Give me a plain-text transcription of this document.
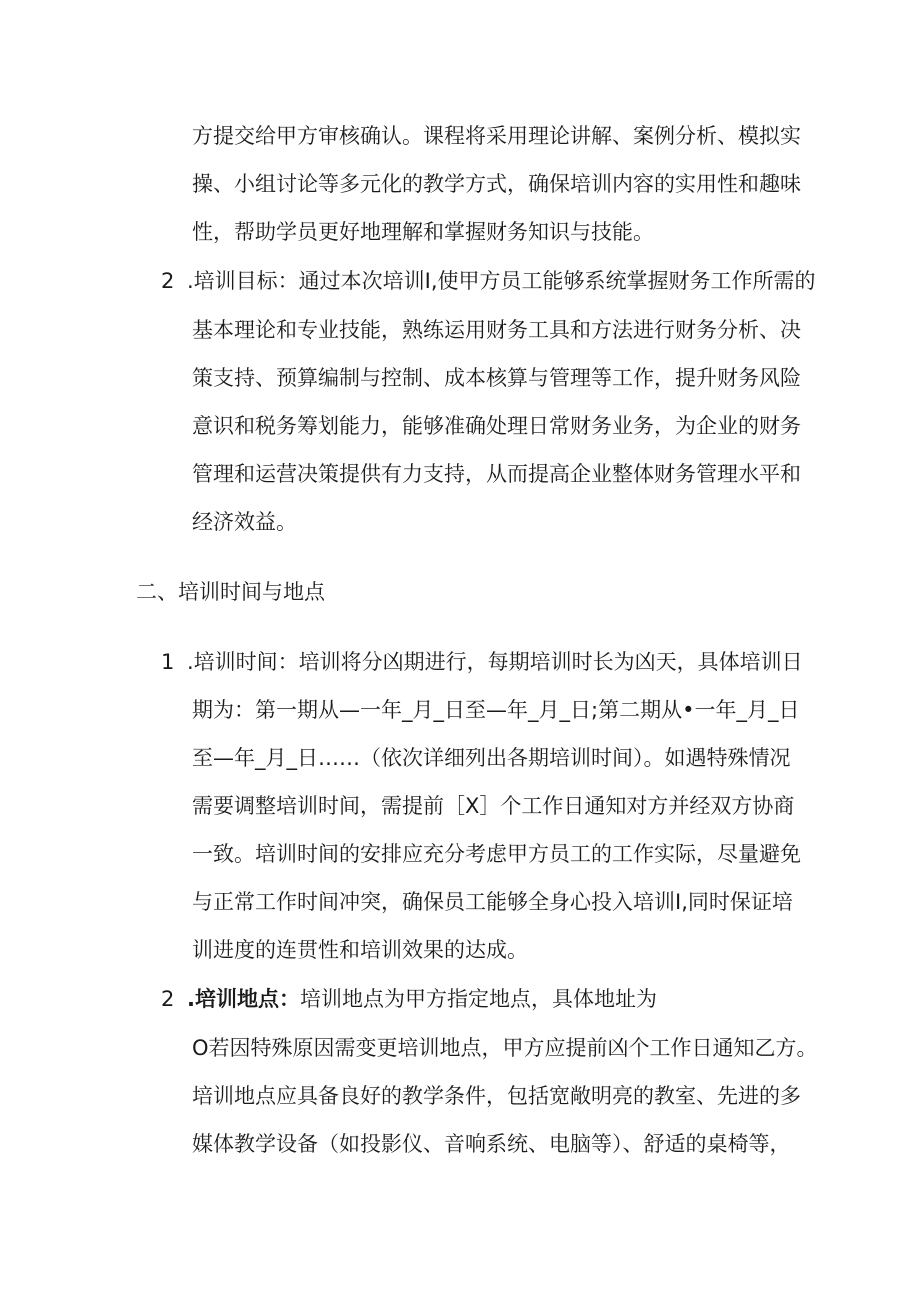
方提交给甲方审核确认。课程将采用理论讲解、案例分析、模拟实
操、小组讨论等多元化的教学方式，确保培训内容的实用性和趣味
性，帮助学员更好地理解和掌握财务知识与技能。
2 .培训目标：通过本次培训I,使甲方员工能够系统掌握财务工作所需的
基本理论和专业技能，熟练运用财务工具和方法进行财务分析、决
策支持、预算编制与控制、成本核算与管理等工作，提升财务风险
意识和税务筹划能力，能够准确处理日常财务业务，为企业的财务
管理和运营决策提供有力支持，从而提高企业整体财务管理水平和
经济效益。
二、培训时间与地点
1 .培训时间：培训将分凶期进行，每期培训时长为凶天，具体培训日
期为：第一期从—一年_月_日至—年_月_日;第二期从•一年_月_日
至—年_月_日……（依次详细列出各期培训时间）。如遇特殊情况
需要调整培训时间，需提前［X］个工作日通知对方并经双方协商
一致。培训时间的安排应充分考虑甲方员工的工作实际，尽量避免
与正常工作时间冲突，确保员工能够全身心投入培训I,同时保证培
训进度的连贯性和培训效果的达成。
2 .培训地点：培训地点为甲方指定地点，具体地址为
O若因特殊原因需变更培训地点，甲方应提前凶个工作日通知乙方。
培训地点应具备良好的教学条件，包括宽敞明亮的教室、先进的多
媒体教学设备（如投影仪、音响系统、电脑等）、舒适的桌椅等，
